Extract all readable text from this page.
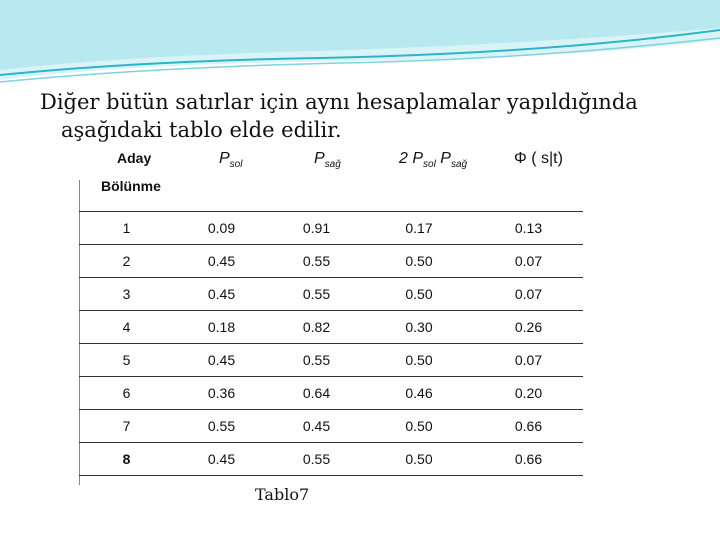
Diğer bütün satırlar için aynı hesaplamalar yapıldığında
aşağıdaki tablo elde edilir.
Aday
Bölünme	$P_{sol}$	$P_{sağ}$	2 $P_{sol}$ $P_{sağ}$	Φ ( s|t)

1	0.09	0.91	0.17	0.13
2	0.45	0.55	0.50	0.07
3	0.45	0.55	0.50	0.07
4	0.18	0.82	0.30	0.26
5	0.45	0.55	0.50	0.07
6	0.36	0.64	0.46	0.20
7	0.55	0.45	0.50	0.66
8	0.45	0.55	0.50	0.66
Tablo7
